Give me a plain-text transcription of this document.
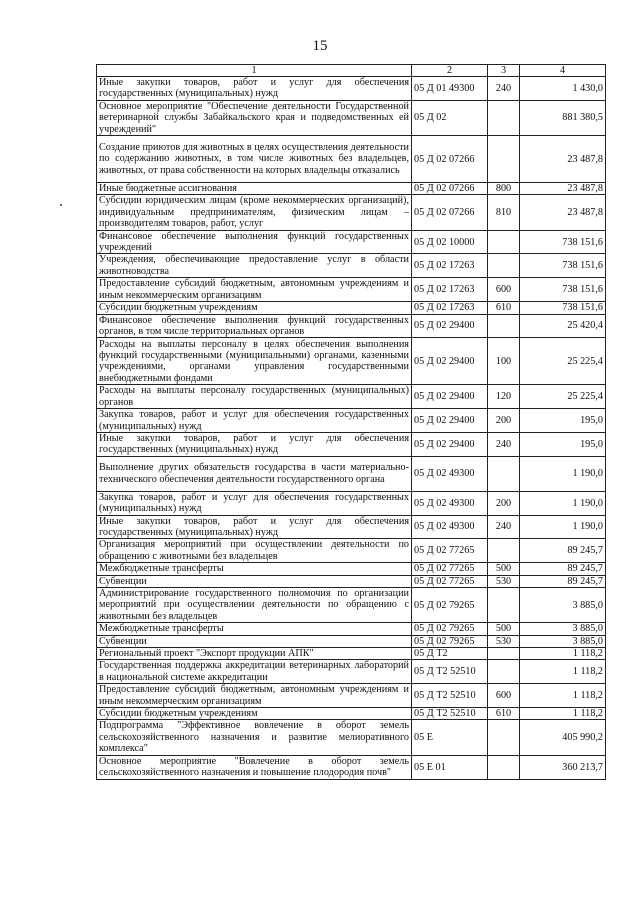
15
1	2	3	4
Иные закупки товаров, работ и услуг для обеспечения государственных (муниципальных) нужд	05 Д 01 49300	240	1 430,0
Основное мероприятие "Обеспечение деятельности Государственной ветеринарной службы Забайкальского края и подведомственных ей учреждений"	05 Д 02		881 380,5
Создание приютов для животных в целях осуществления деятельности по содержанию животных, в том числе животных без владельцев, животных, от права собственности на которых владельцы отказались	05 Д 02 07266		23 487,8
Иные бюджетные ассигнования	05 Д 02 07266	800	23 487,8
Субсидии юридическим лицам (кроме некоммерческих организаций), индивидуальным предпринимателям, физическим лицам – производителям товаров, работ, услуг	05 Д 02 07266	810	23 487,8
Финансовое обеспечение выполнения функций государственных учреждений	05 Д 02 10000		738 151,6
Учреждения, обеспечивающие предоставление услуг в области животноводства	05 Д 02 17263		738 151,6
Предоставление субсидий бюджетным, автономным учреждениям и иным некоммерческим организациям	05 Д 02 17263	600	738 151,6
Субсидии бюджетным учреждениям	05 Д 02 17263	610	738 151,6
Финансовое обеспечение выполнения функций государственных органов, в том числе территориальных органов	05 Д 02 29400		25 420,4
Расходы на выплаты персоналу в целях обеспечения выполнения функций государственными (муниципальными) органами, казенными учреждениями, органами управления государственными внебюджетными фондами	05 Д 02 29400	100	25 225,4
Расходы на выплаты персоналу государственных (муниципальных) органов	05 Д 02 29400	120	25 225,4
Закупка товаров, работ и услуг для обеспечения государственных (муниципальных) нужд	05 Д 02 29400	200	195,0
Иные закупки товаров, работ и услуг для обеспечения государственных (муниципальных) нужд	05 Д 02 29400	240	195,0
Выполнение других обязательств государства в части материально-технического обеспечения деятельности государственного органа	05 Д 02 49300		1 190,0
Закупка товаров, работ и услуг для обеспечения государственных (муниципальных) нужд	05 Д 02 49300	200	1 190,0
Иные закупки товаров, работ и услуг для обеспечения государственных (муниципальных) нужд	05 Д 02 49300	240	1 190,0
Организация мероприятий при осуществлении деятельности по обращению с животными без владельцев	05 Д 02 77265		89 245,7
Межбюджетные трансферты	05 Д 02 77265	500	89 245,7
Субвенции	05 Д 02 77265	530	89 245,7
Администрирование государственного полномочия по организации мероприятий при осуществлении деятельности по обращению с животными без владельцев	05 Д 02 79265		3 885,0
Межбюджетные трансферты	05 Д 02 79265	500	3 885,0
Субвенции	05 Д 02 79265	530	3 885,0
Региональный проект "Экспорт продукции АПК"	05 Д Т2		1 118,2
Государственная поддержка аккредитации ветеринарных лабораторий в национальной системе аккредитации	05 Д Т2 52510		1 118,2
Предоставление субсидий бюджетным, автономным учреждениям и иным некоммерческим организациям	05 Д Т2 52510	600	1 118,2
Субсидии бюджетным учреждениям	05 Д Т2 52510	610	1 118,2
Подпрограмма "Эффективное вовлечение в оборот земель сельскохозяйственного назначения и развитие мелиоративного комплекса"	05 Е		405 990,2
Основное мероприятие "Вовлечение в оборот земель сельскохозяйственного назначения и повышение плодородия почв"	05 Е 01		360 213,7
